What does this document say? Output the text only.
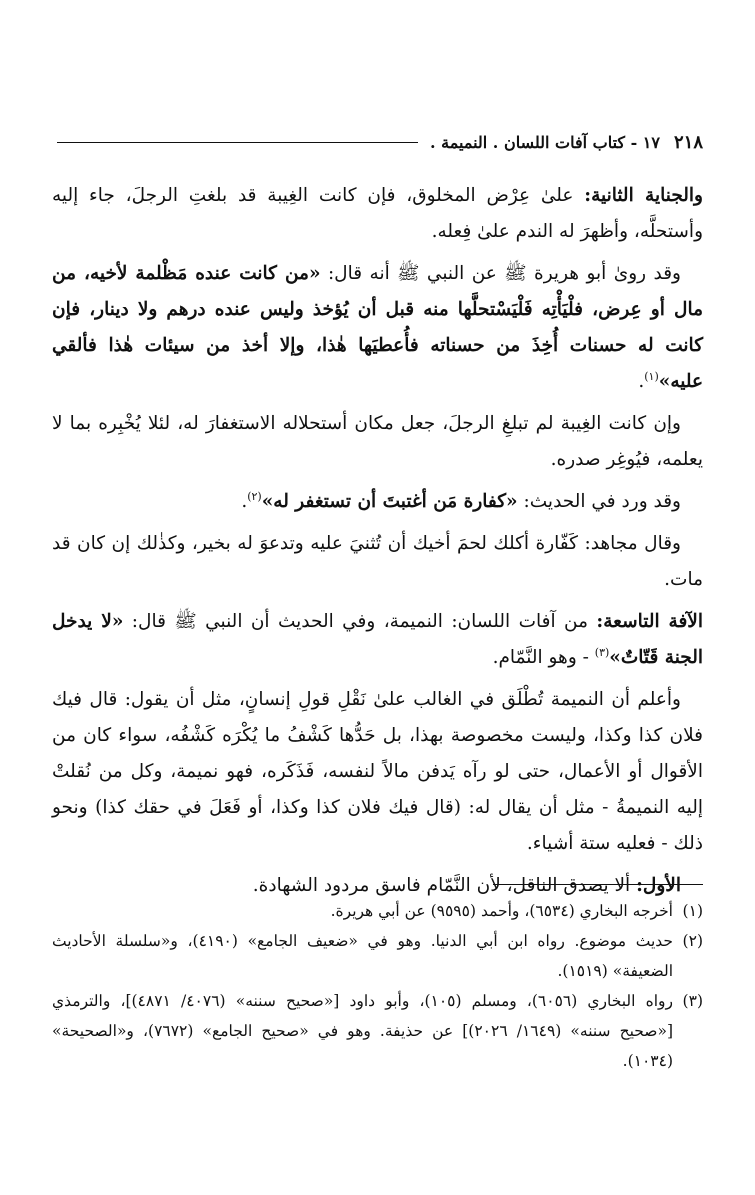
٢١٨
١٧ - كتاب آفات اللسان . النميمة .

والجناية الثانية: علىٰ عِرْض المخلوق، فإن كانت الغِيبة قد بلغتِ الرجلَ، جاء إليه وأستحلَّه، وأظهرَ له الندم علىٰ فِعله.

وقد رویٰ أبو هريرة ﷺ عن النبي ﷺ أنه قال: «من كانت عنده مَظْلمة لأخيه، من مال أو عِرض، فلْيَأْتِه فَلْيَسْتحلَّها منه قبل أن يُؤخذ وليس عنده درهم ولا دينار، فإن كانت له حسنات أُخِذَ من حسناته فأُعطيَها هٰذا، وإلا أخذ من سيئات هٰذا فألقي عليه»$^{(١)}$.

وإن كانت الغِيبة لم تبلغِ الرجلَ، جعل مكان أستحلاله الاستغفارَ له، لئلا يُخْبِره بما لا يعلمه، فيُوغِر صدره.

وقد ورد في الحديث: «كفارة مَن أغتبتَ أن تستغفر له»$^{(٢)}$.

وقال مجاهد: كَفّارة أكلك لحمَ أخيك أن تُثنيَ عليه وتدعوَ له بخير، وكذٰلك إن كان قد مات.

الآفة التاسعة: من آفات اللسان: النميمة، وفي الحديث أن النبي ﷺ قال: «لا يدخل الجنة قَتّاتٌ»$^{(٣)}$ - وهو النَّمّام.

وأعلم أن النميمة تُطْلَق في الغالب علىٰ نَقْلِ قولِ إنسانٍ، مثل أن يقول: قال فيك فلان كذا وكذا، وليست مخصوصة بهذا، بل حَدُّها كَشْفُ ما يُكْرَه كَشْفُه، سواء كان من الأقوال أو الأعمال، حتى لو رآه يَدفن مالاً لنفسه، فَذَكَره، فهو نميمة، وكل من نُقلتْ إليه النميمةُ - مثل أن يقال له: (قال فيك فلان كذا وكذا، أو فَعَلَ في حقك كذا) ونحو ذلك - فعليه ستة أشياء.

الأول: ألا يصدق الناقل، لأن النَّمّام فاسق مردود الشهادة.

(١)أخرجه البخاري (٦٥٣٤)، وأحمد (٩٥٩٥) عن أبي هريرة.

(٢)حديث موضوع. رواه ابن أبي الدنيا. وهو في «ضعيف الجامع» (٤١٩٠)، و«سلسلة الأحاديث الضعيفة» (١٥١٩).

(٣)رواه البخاري (٦٠٥٦)، ومسلم (١٠٥)، وأبو داود [«صحيح سننه» (٤٠٧٦/ ٤٨٧١)]، والترمذي [«صحيح سننه» (١٦٤٩/ ٢٠٢٦)] عن حذيفة. وهو في «صحيح الجامع» (٧٦٧٢)، و«الصحيحة» (١٠٣٤).
